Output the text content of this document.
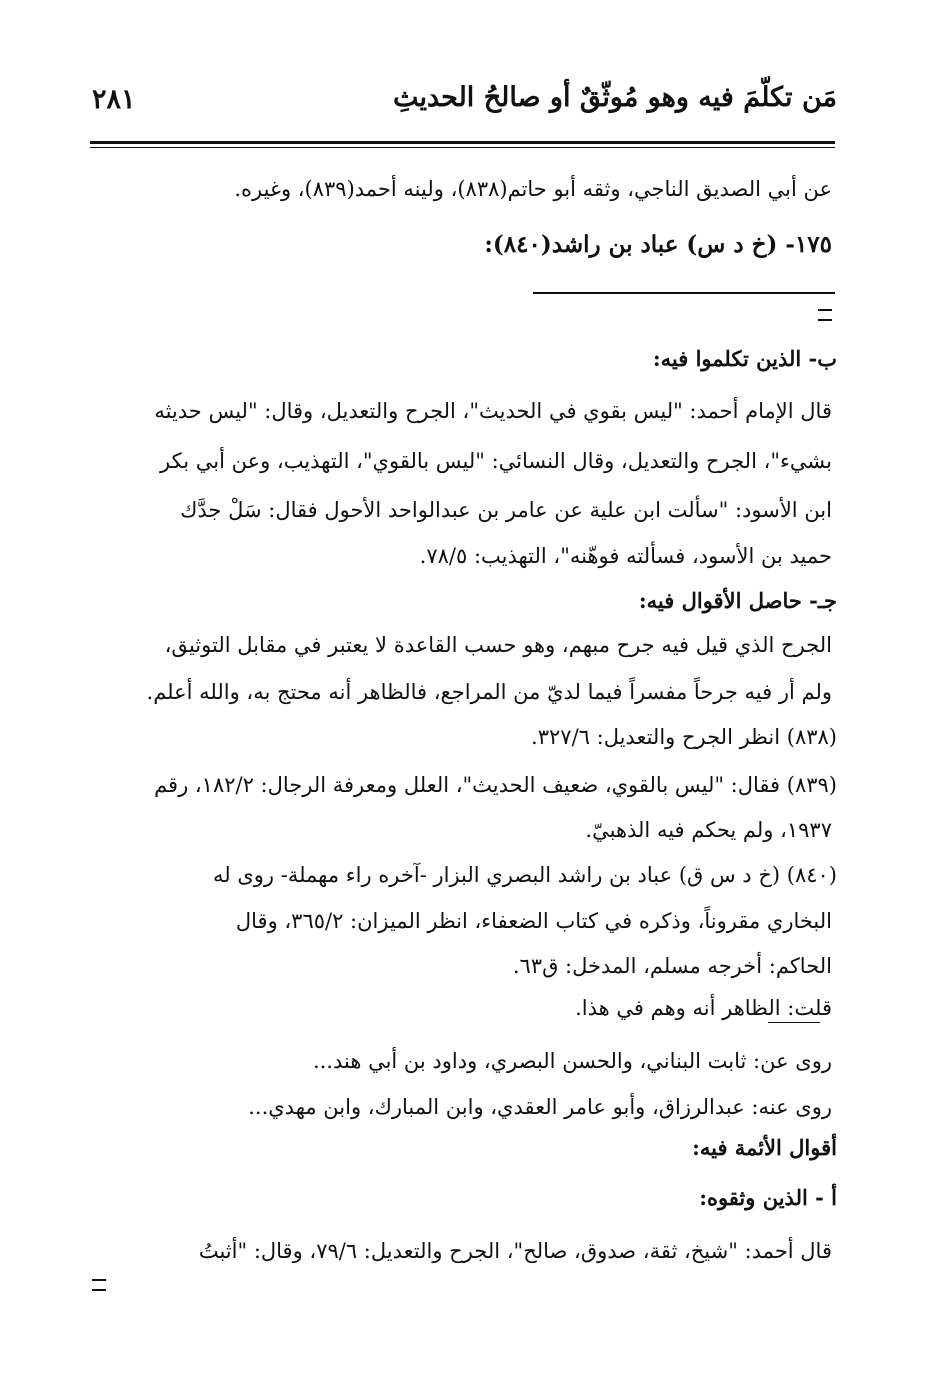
مَن تكلّمَ فيه وهو مُوثّقٌ أو صالحُ الحديثِ
٢٨١
عن أبي الصديق الناجي، وثقه أبو حاتم(٨٣٨)، ولينه أحمد(٨٣٩)، وغيره.
١٧٥- (خ د س) عباد بن راشد(٨٤٠):
ب- الذين تكلموا فيه:
قال الإمام أحمد: "ليس بقوي في الحديث"، الجرح والتعديل، وقال: "ليس حديثه
بشيء"، الجرح والتعديل، وقال النسائي: "ليس بالقوي"، التهذيب، وعن أبي بكر
ابن الأسود: "سألت ابن علية عن عامر بن عبدالواحد الأحول فقال: سَلْ جدَّك
حميد بن الأسود، فسألته فوهّنه"، التهذيب: ٧٨/٥.
جـ- حاصل الأقوال فيه:
الجرح الذي قيل فيه جرح مبهم، وهو حسب القاعدة لا يعتبر في مقابل التوثيق،
ولم أر فيه جرحاً مفسراً فيما لديّ من المراجع، فالظاهر أنه محتج به، والله أعلم.
(٨٣٨) انظر الجرح والتعديل: ٣٢٧/٦.
(٨٣٩) فقال: "ليس بالقوي، ضعيف الحديث"، العلل ومعرفة الرجال: ١٨٢/٢، رقم
١٩٣٧، ولم يحكم فيه الذهبيّ.
(٨٤٠) (خ د س ق) عباد بن راشد البصري البزار -آخره راء مهملة- روى له
البخاري مقروناً، وذكره في كتاب الضعفاء، انظر الميزان: ٣٦٥/٢، وقال
الحاكم: أخرجه مسلم، المدخل: ق٦٣.
قلت: الظاهر أنه وهم في هذا.
روى عن: ثابت البناني، والحسن البصري، وداود بن أبي هند...
روى عنه: عبدالرزاق، وأبو عامر العقدي، وابن المبارك، وابن مهدي...
أقوال الأئمة فيه:
أ - الذين وثقوه:
قال أحمد: "شيخ، ثقة، صدوق، صالح"، الجرح والتعديل: ٧٩/٦، وقال: "أثبتُ
